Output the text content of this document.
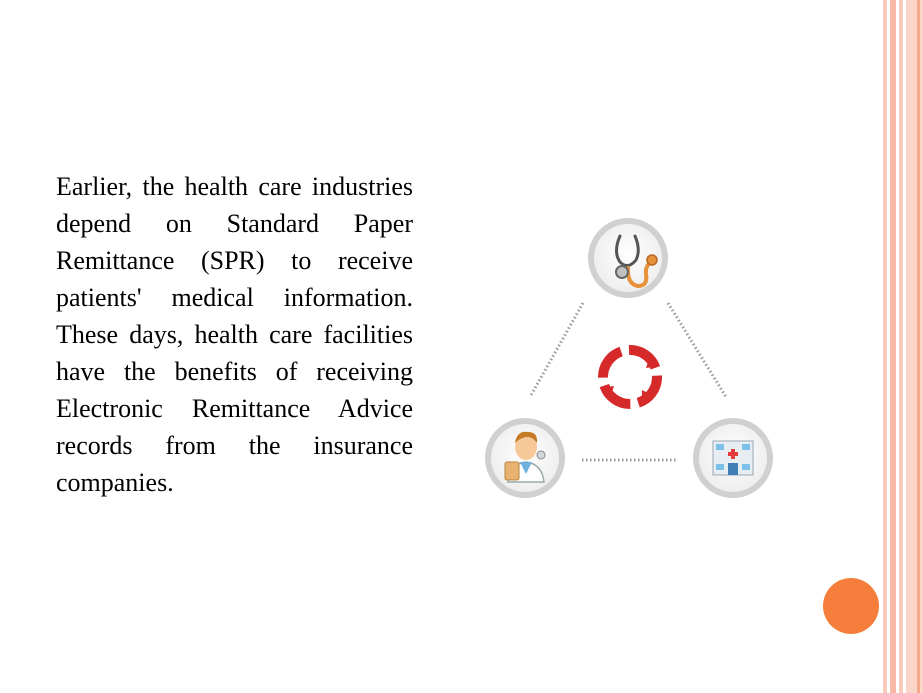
Earlier, the health care industries depend on Standard Paper Remittance (SPR) to receive patients' medical information. These days, health care facilities have the benefits of receiving Electronic Remittance Advice records from the insurance companies.
